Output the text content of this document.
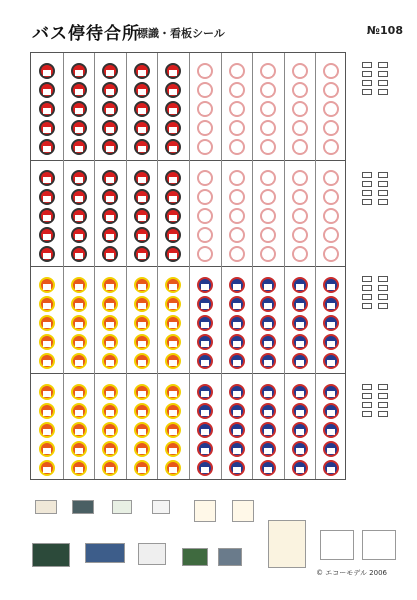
バス停待合所
標識・看板シール	№108
© エコーモデル 2006
